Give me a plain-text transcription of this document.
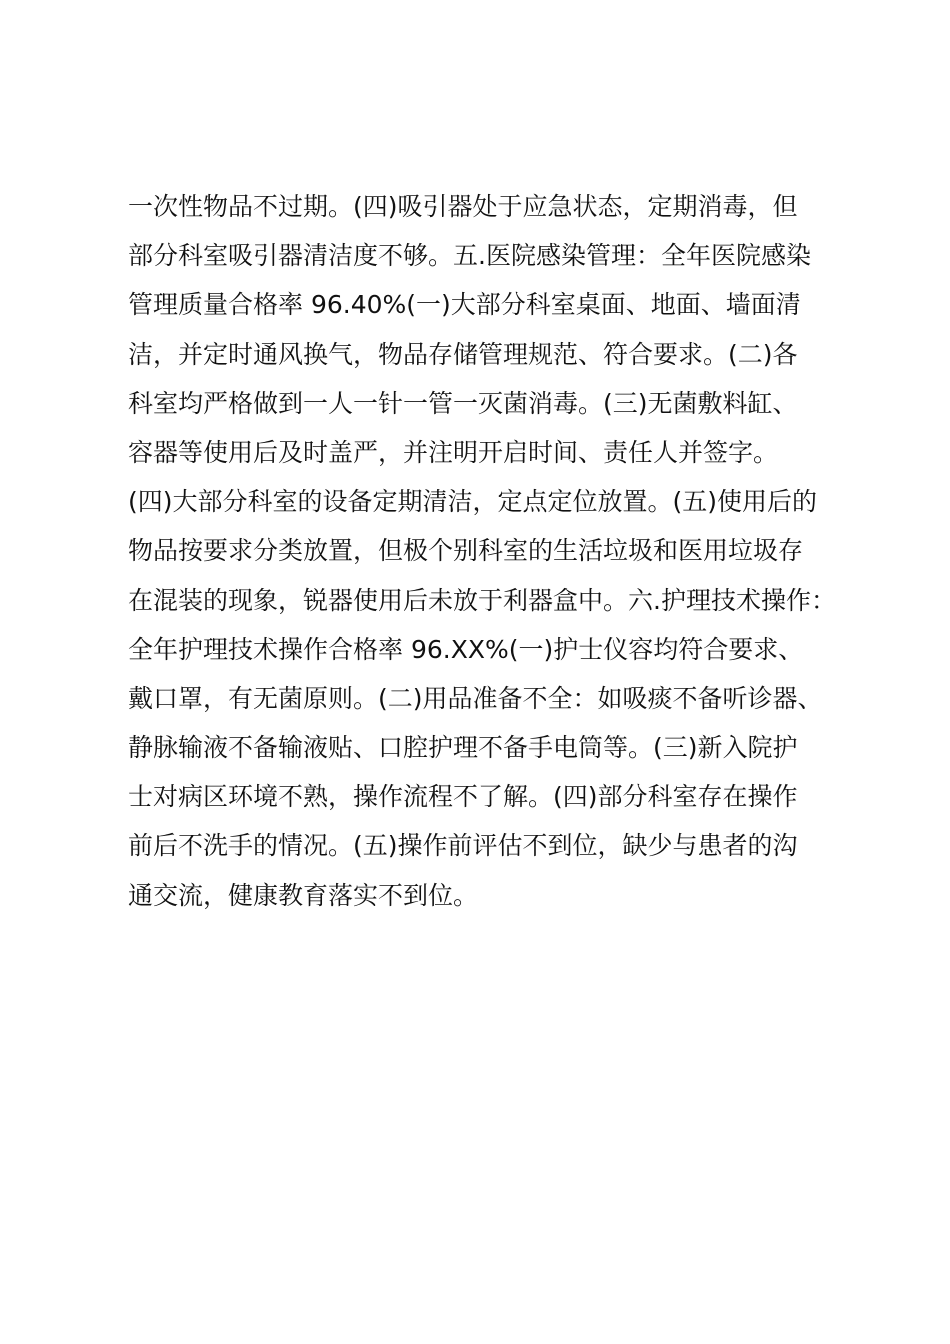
一次性物品不过期。(四)吸引器处于应急状态，定期消毒，但
部分科室吸引器清洁度不够。五.医院感染管理：全年医院感染
管理质量合格率 96.40%(一)大部分科室桌面、地面、墙面清
洁，并定时通风换气，物品存储管理规范、符合要求。(二)各
科室均严格做到一人一针一管一灭菌消毒。(三)无菌敷料缸、
容器等使用后及时盖严，并注明开启时间、责任人并签字。
(四)大部分科室的设备定期清洁，定点定位放置。(五)使用后的
物品按要求分类放置，但极个别科室的生活垃圾和医用垃圾存
在混装的现象，锐器使用后未放于利器盒中。六.护理技术操作：
全年护理技术操作合格率 96.XX%(一)护士仪容均符合要求、
戴口罩，有无菌原则。(二)用品准备不全：如吸痰不备听诊器、
静脉输液不备输液贴、口腔护理不备手电筒等。(三)新入院护
士对病区环境不熟，操作流程不了解。(四)部分科室存在操作
前后不洗手的情况。(五)操作前评估不到位，缺少与患者的沟
通交流，健康教育落实不到位。
